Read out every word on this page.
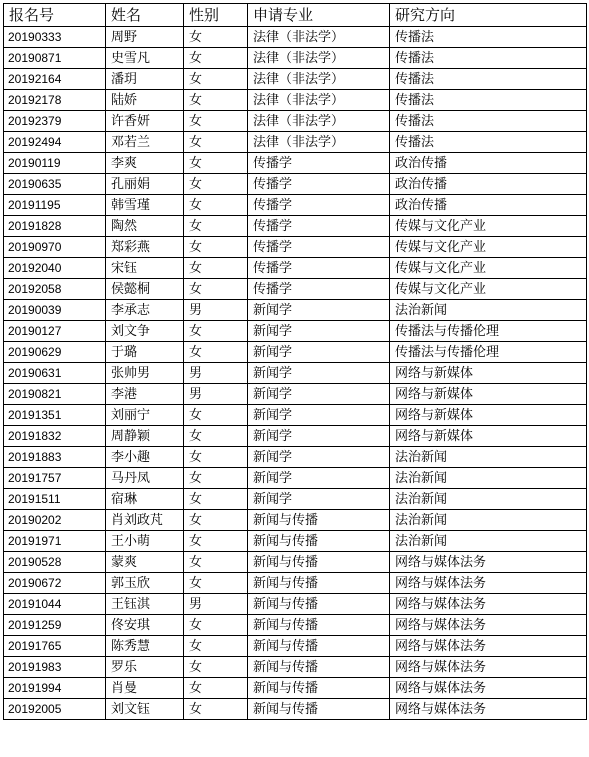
报名号	姓名	性别	申请专业	研究方向
20190333	周野	女	法律（非法学）	传播法
20190871	史雪凡	女	法律（非法学）	传播法
20192164	潘玥	女	法律（非法学）	传播法
20192178	陆娇	女	法律（非法学）	传播法
20192379	许香妍	女	法律（非法学）	传播法
20192494	邓若兰	女	法律（非法学）	传播法
20190119	李爽	女	传播学	政治传播
20190635	孔丽娟	女	传播学	政治传播
20191195	韩雪瑾	女	传播学	政治传播
20191828	陶然	女	传播学	传媒与文化产业
20190970	郑彩燕	女	传播学	传媒与文化产业
20192040	宋钰	女	传播学	传媒与文化产业
20192058	侯懿桐	女	传播学	传媒与文化产业
20190039	李承志	男	新闻学	法治新闻
20190127	刘文争	女	新闻学	传播法与传播伦理
20190629	于璐	女	新闻学	传播法与传播伦理
20190631	张帅男	男	新闻学	网络与新媒体
20190821	李港	男	新闻学	网络与新媒体
20191351	刘丽宁	女	新闻学	网络与新媒体
20191832	周静颖	女	新闻学	网络与新媒体
20191883	李小趣	女	新闻学	法治新闻
20191757	马丹凤	女	新闻学	法治新闻
20191511	宿琳	女	新闻学	法治新闻
20190202	肖刘政芃	女	新闻与传播	法治新闻
20191971	王小萌	女	新闻与传播	法治新闻
20190528	蒙爽	女	新闻与传播	网络与媒体法务
20190672	郭玉欣	女	新闻与传播	网络与媒体法务
20191044	王钰淇	男	新闻与传播	网络与媒体法务
20191259	佟安琪	女	新闻与传播	网络与媒体法务
20191765	陈秀慧	女	新闻与传播	网络与媒体法务
20191983	罗乐	女	新闻与传播	网络与媒体法务
20191994	肖曼	女	新闻与传播	网络与媒体法务
20192005	刘文钰	女	新闻与传播	网络与媒体法务
